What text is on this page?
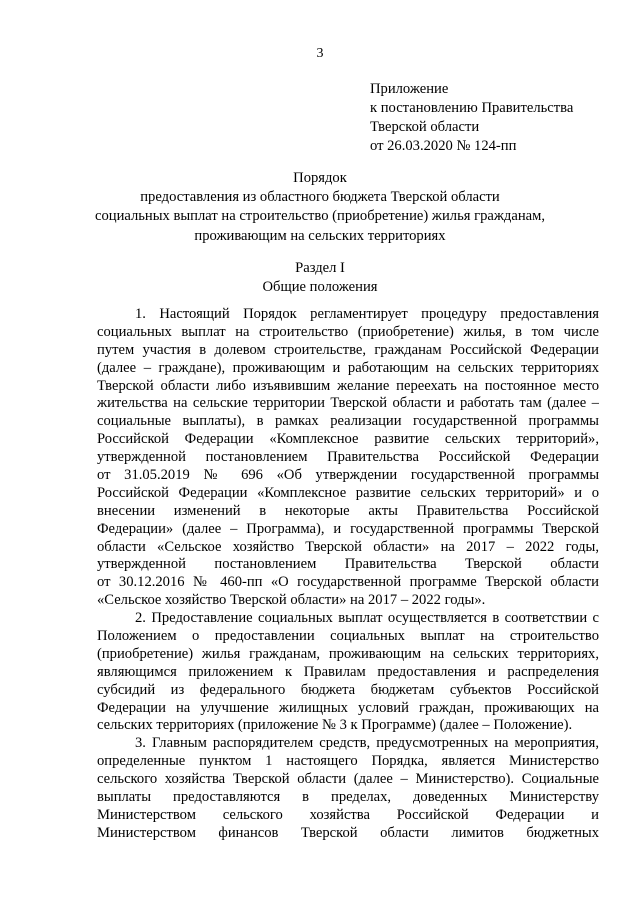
3
Приложение
к постановлению Правительства
Тверской области
от 26.03.2020 № 124-пп
Порядок
предоставления из областного бюджета Тверской области
социальных выплат на строительство (приобретение) жилья гражданам,
проживающим на сельских территориях
Раздел I
Общие положения
1. Настоящий Порядок регламентирует процедуру предоставления
социальных выплат на строительство (приобретение) жилья, в том числе
путем участия в долевом строительстве, гражданам Российской Федерации
(далее – граждане), проживающим и работающим на сельских территориях
Тверской области либо изъявившим желание переехать на постоянное место
жительства на сельские территории Тверской области и работать там (далее –
социальные выплаты), в рамках реализации государственной программы
Российской Федерации «Комплексное развитие сельских территорий»,
утвержденной постановлением Правительства Российской Федерации
от 31.05.2019 № 696 «Об утверждении государственной программы
Российской Федерации «Комплексное развитие сельских территорий» и о
внесении изменений в некоторые акты Правительства Российской
Федерации» (далее – Программа), и государственной программы Тверской
области «Сельское хозяйство Тверской области» на 2017 – 2022 годы,
утвержденной постановлением Правительства Тверской области
от 30.12.2016 № 460-пп «О государственной программе Тверской области
«Сельское хозяйство Тверской области» на 2017 – 2022 годы».
2. Предоставление социальных выплат осуществляется в соответствии с
Положением о предоставлении социальных выплат на строительство
(приобретение) жилья гражданам, проживающим на сельских территориях,
являющимся приложением к Правилам предоставления и распределения
субсидий из федерального бюджета бюджетам субъектов Российской
Федерации на улучшение жилищных условий граждан, проживающих на
сельских территориях (приложение № 3 к Программе) (далее – Положение).
3. Главным распорядителем средств, предусмотренных на мероприятия,
определенные пунктом 1 настоящего Порядка, является Министерство
сельского хозяйства Тверской области (далее – Министерство). Социальные
выплаты предоставляются в пределах, доведенных Министерству
Министерством сельского хозяйства Российской Федерации и
Министерством финансов Тверской области лимитов бюджетных
